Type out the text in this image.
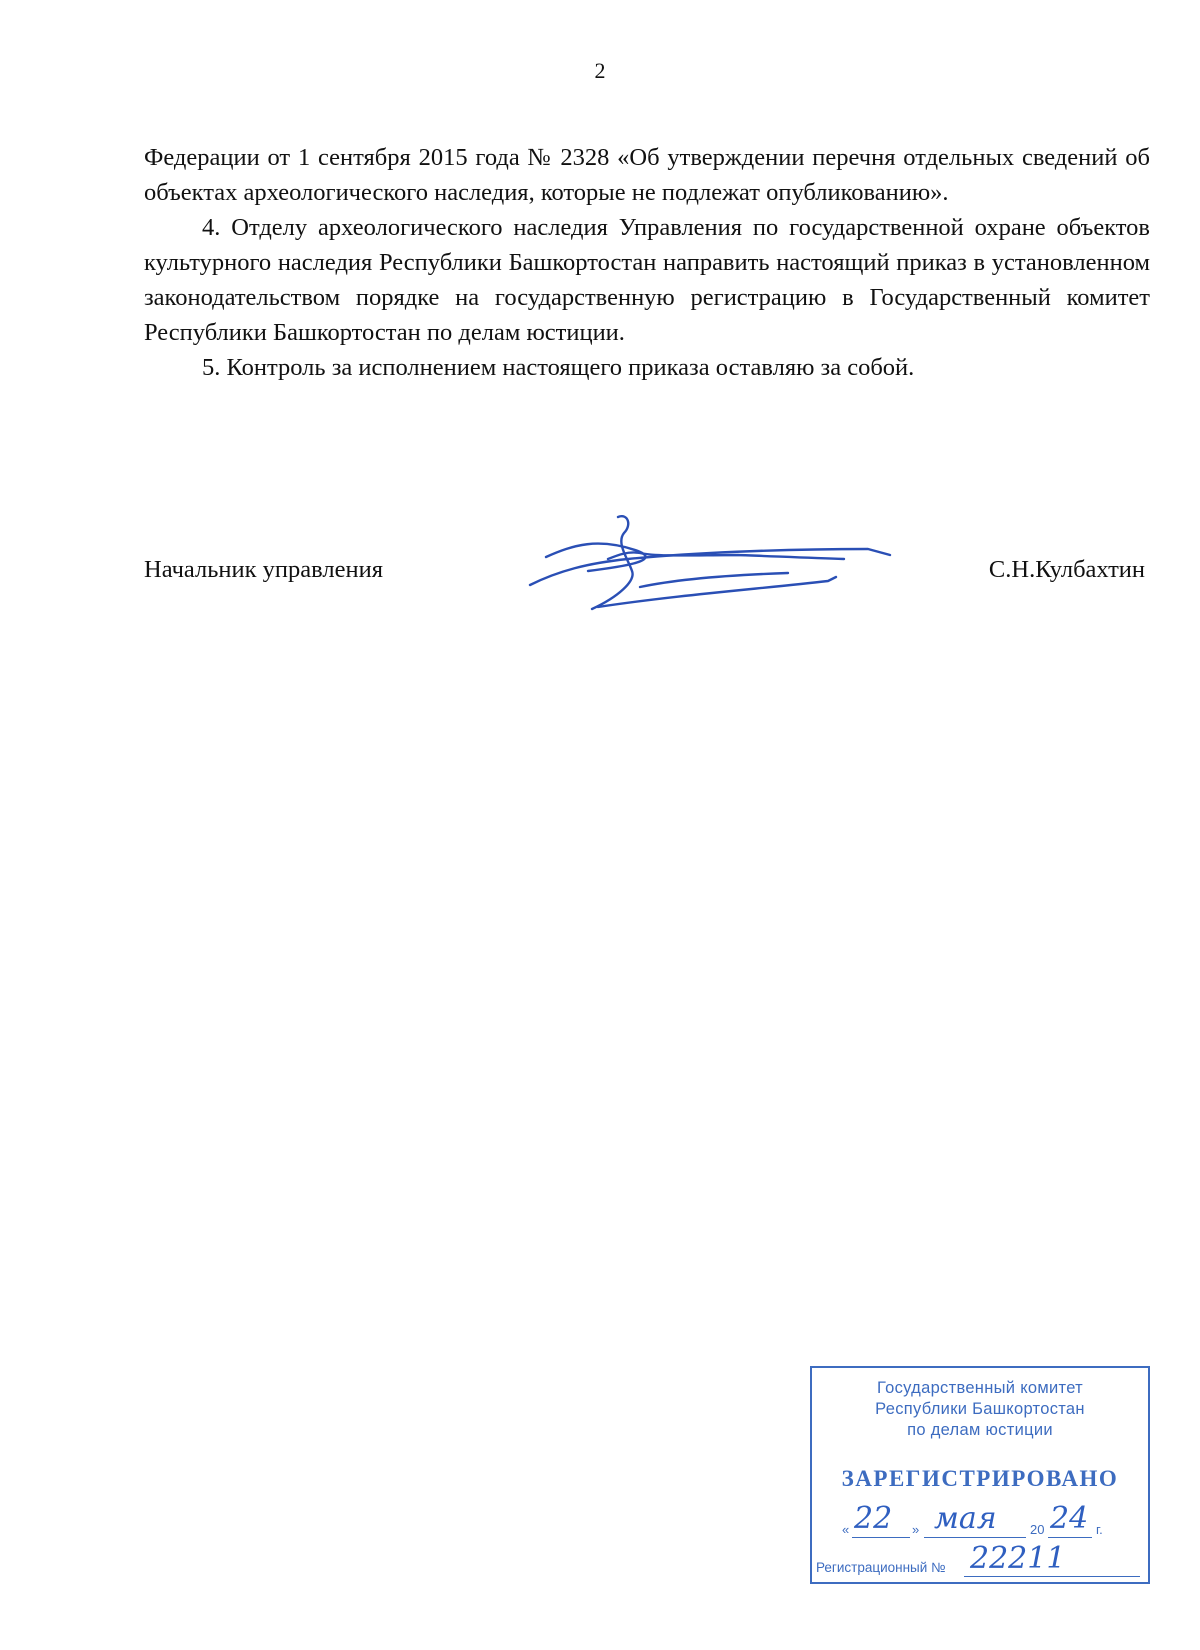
2

Федерации от 1 сентября 2015 года № 2328 «Об утверждении перечня отдельных сведений об объектах археологического наследия, которые не подлежат опубликованию».

4. Отделу археологического наследия Управления по государственной охране объектов культурного наследия Республики Башкортостан направить настоящий приказ в установленном законодательством порядке на государственную регистрацию в Государственный комитет Республики Башкортостан по делам юстиции.

5. Контроль за исполнением настоящего приказа оставляю за собой.

Начальник управления	С.Н.Кулбахтин
Государственный комитет
Республики Башкортостан
по делам юстиции
ЗАРЕГИСТРИРОВАНО
« 22 » мая	20 24 г.
Регистрационный № 22211
